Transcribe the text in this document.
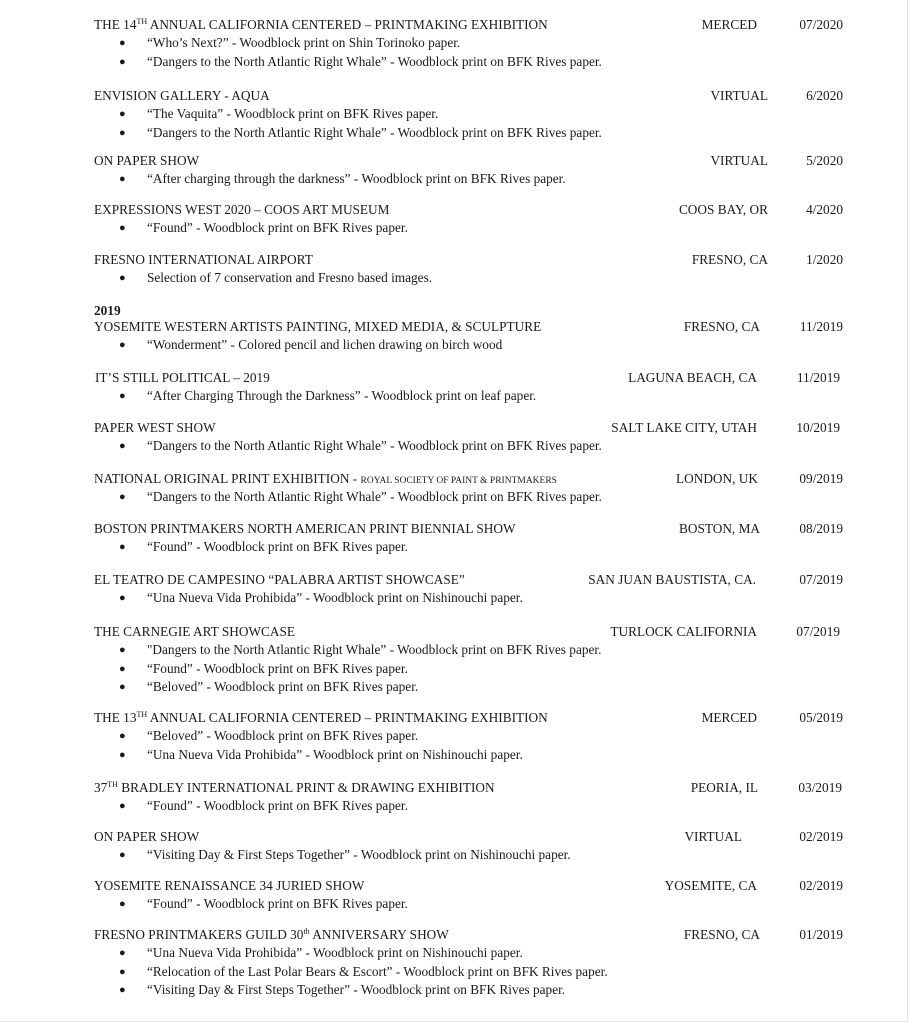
THE 14TH ANNUAL CALIFORNIA CENTERED – PRINTMAKING EXHIBITION	MERCED	07/2020
● “Who’s Next?” - Woodblock print on Shin Torinoko paper.
● “Dangers to the North Atlantic Right Whale” - Woodblock print on BFK Rives paper.
ENVISION GALLERY - AQUA	VIRTUAL	6/2020
● “The Vaquita” - Woodblock print on BFK Rives paper.
● “Dangers to the North Atlantic Right Whale” - Woodblock print on BFK Rives paper.
ON PAPER SHOW	VIRTUAL	5/2020
● “After charging through the darkness” - Woodblock print on BFK Rives paper.
EXPRESSIONS WEST 2020 – COOS ART MUSEUM	COOS BAY, OR	4/2020
● “Found” - Woodblock print on BFK Rives paper.
FRESNO INTERNATIONAL AIRPORT	FRESNO, CA	1/2020
● Selection of 7 conservation and Fresno based images.
2019
YOSEMITE WESTERN ARTISTS PAINTING, MIXED MEDIA, & SCULPTURE	FRESNO, CA	11/2019
● “Wonderment” - Colored pencil and lichen drawing on birch wood
IT’S STILL POLITICAL – 2019	LAGUNA BEACH, CA	11/2019
● “After Charging Through the Darkness” - Woodblock print on leaf paper.
PAPER WEST SHOW	SALT LAKE CITY, UTAH	10/2019
● “Dangers to the North Atlantic Right Whale” - Woodblock print on BFK Rives paper.
NATIONAL ORIGINAL PRINT EXHIBITION - ROYAL SOCIETY OF PAINT & PRINTMAKERS	LONDON, UK	09/2019
● “Dangers to the North Atlantic Right Whale” - Woodblock print on BFK Rives paper.
BOSTON PRINTMAKERS NORTH AMERICAN PRINT BIENNIAL SHOW	BOSTON, MA	08/2019
● “Found” - Woodblock print on BFK Rives paper.
EL TEATRO DE CAMPESINO “PALABRA ARTIST SHOWCASE”	SAN JUAN BAUSTISTA, CA.	07/2019
● “Una Nueva Vida Prohibida” - Woodblock print on Nishinouchi paper.
THE CARNEGIE ART SHOWCASE	TURLOCK CALIFORNIA	07/2019
● "Dangers to the North Atlantic Right Whale” - Woodblock print on BFK Rives paper.
● “Found” - Woodblock print on BFK Rives paper.
● “Beloved” - Woodblock print on BFK Rives paper.
THE 13TH ANNUAL CALIFORNIA CENTERED – PRINTMAKING EXHIBITION	MERCED	05/2019
● “Beloved” - Woodblock print on BFK Rives paper.
● “Una Nueva Vida Prohibida” - Woodblock print on Nishinouchi paper.
37TH BRADLEY INTERNATIONAL PRINT & DRAWING EXHIBITION	PEORIA, IL	03/2019
● “Found” - Woodblock print on BFK Rives paper.
ON PAPER SHOW	VIRTUAL	02/2019
● “Visiting Day & First Steps Together” - Woodblock print on Nishinouchi paper.
YOSEMITE RENAISSANCE 34 JURIED SHOW	YOSEMITE, CA	02/2019
● “Found” - Woodblock print on BFK Rives paper.
FRESNO PRINTMAKERS GUILD 30th ANNIVERSARY SHOW	FRESNO, CA	01/2019
● “Una Nueva Vida Prohibida” - Woodblock print on Nishinouchi paper.
● “Relocation of the Last Polar Bears & Escort” - Woodblock print on BFK Rives paper.
● “Visiting Day & First Steps Together” - Woodblock print on BFK Rives paper.
